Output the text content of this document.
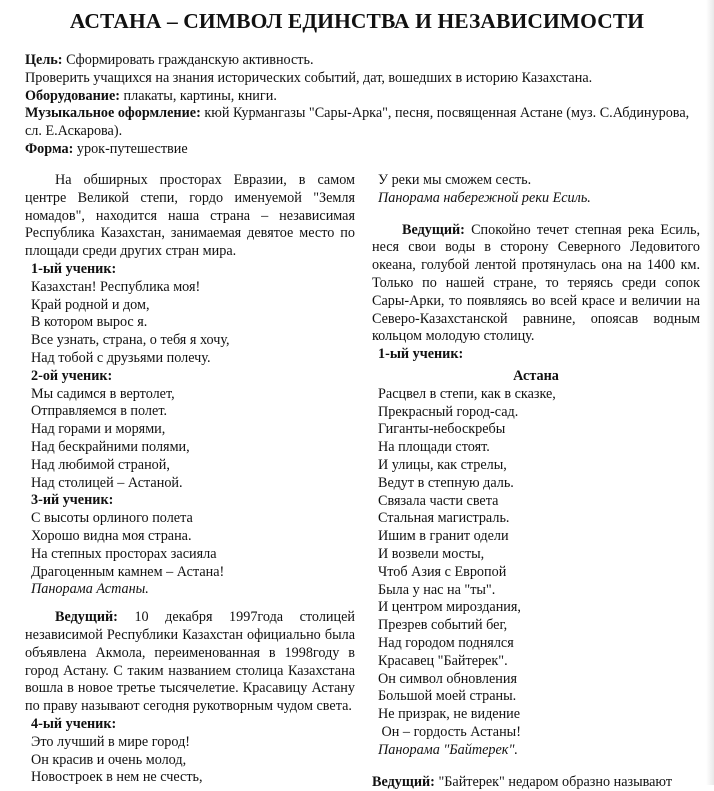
АСТАНА – СИМВОЛ ЕДИНСТВА И НЕЗАВИСИМОСТИ
Цель: Сформировать гражданскую активность.
Проверить учащихся на знания исторических событий, дат, вошедших в историю Казахстана.
Оборудование: плакаты, картины, книги.
Музыкальное оформление: кюй Курмангазы "Сары-Арка", песня, посвященная Астане (муз. С.Абдинурова,
сл. Е.Аскарова).
Форма: урок-путешествие
На обширных просторах Евразии, в самом центре Великой степи, гордо именуемой "Земля номадов", находится наша страна – независимая Республика Казахстан, занимаемая девятое место по площади среди других стран мира.
1-ый ученик:
Казахстан! Республика моя!
Край родной и дом,
В котором вырос я.
Все узнать, страна, о тебя я хочу,
Над тобой с друзьями полечу.
2-ой ученик:
Мы садимся в вертолет,
Отправляемся в полет.
Над горами и морями,
Над бескрайними полями,
Над любимой страной,
Над столицей – Астаной.
3-ий ученик:
С высоты орлиного полета
Хорошо видна моя страна.
На степных просторах засияла
Драгоценным камнем – Астана!
Панорама Астаны.
Ведущий: 10 декабря 1997года столицей независимой Республики Казахстан официально была объявлена Акмола, переименованная в 1998году в город Астану. С таким названием столица Казахстана вошла в новое третье тысячелетие. Красавицу Астану по праву называют сегодня рукотворным чудом света.
4-ый ученик:
Это лучший в мире город!
Он красив и очень молод,
Новостроек в нем не счесть,
У реки мы сможем сесть.
Панорама набережной реки Есиль.
Ведущий: Спокойно течет степная река Есиль, неся свои воды в сторону Северного Ледовитого океана, голубой лентой протянулась она на 1400 км. Только по нашей стране, то теряясь среди сопок Сары-Арки, то появляясь во всей красе и величии на Северо-Казахстанской равнине, опоясав водным кольцом молодую столицу.
1-ый ученик:
Астана
Расцвел в степи, как в сказке,
Прекрасный город-сад.
Гиганты-небоскребы
На площади стоят.
И улицы, как стрелы,
Ведут в степную даль.
Связала части света
Стальная магистраль.
Ишим в гранит одели
И возвели мосты,
Чтоб Азия с Европой
Была у нас на "ты".
И центром мироздания,
Презрев событий бег,
Над городом поднялся
Красавец "Байтерек".
Он символ обновления
Большой моей страны.
Не призрак, не видение
Он – гордость Астаны!
Панорама "Байтерек".
Ведущий: "Байтерек" недаром образно называют
